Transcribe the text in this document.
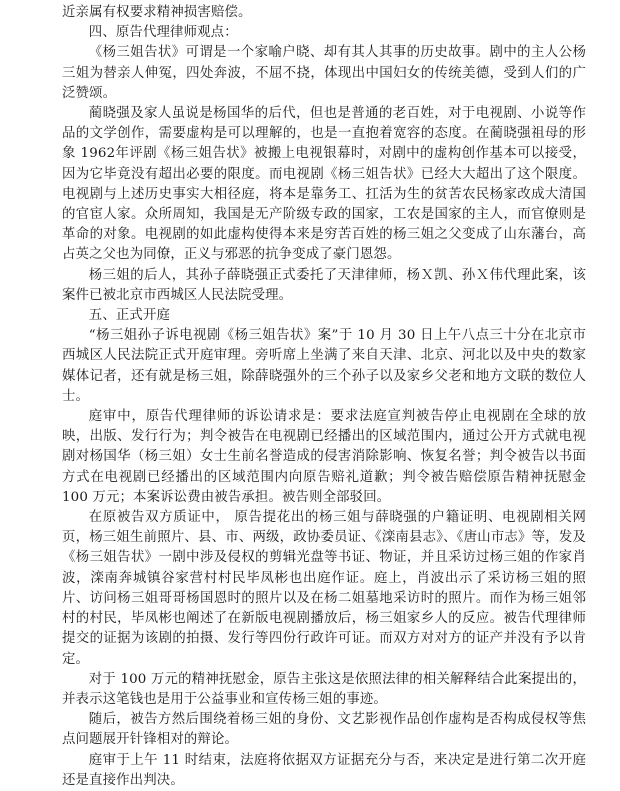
近亲属有权要求精神损害赔偿。

四、原告代理律师观点：

《杨三姐告状》可谓是一个家喻户晓、却有其人其事的历史故事。剧中的主人公杨三姐为替亲人伸冤，四处奔波，不屈不挠，体现出中国妇女的传统美德，受到人们的广泛赞颂。

蔺晓强及家人虽说是杨国华的后代，但也是普通的老百姓，对于电视剧、小说等作品的文学创作，需要虚构是可以理解的，也是一直抱着宽容的态度。在蔺晓强祖母的形象 1962年评剧《杨三姐告状》被搬上电视银幕时，对剧中的虚构创作基本可以接受，因为它毕竟没有超出必要的限度。而电视剧《杨三姐告状》已经大大超出了这个限度。电视剧与上述历史事实大相径庭，将本是靠务工、扛活为生的贫苦农民杨家改成大清国的官宦人家。众所周知，我国是无产阶级专政的国家，工农是国家的主人，而官僚则是革命的对象。电视剧的如此虚构使得本来是穷苦百姓的杨三姐之父变成了山东藩台，高占英之父也为同僚，正义与邪恶的抗争变成了豪门恩怨。

杨三姐的后人，其孙子薛晓强正式委托了天津律师，杨Ｘ凯、孙Ｘ伟代理此案，该案件已被北京市西城区人民法院受理。

五、正式开庭

“杨三姐孙子诉电视剧《杨三姐告状》案”于 10 月 30 日上午八点三十分在北京市西城区人民法院正式开庭审理。旁听席上坐满了来自天津、北京、河北以及中央的数家媒体记者，还有就是杨三姐，除薛晓强外的三个孙子以及家乡父老和地方文联的数位人士。

庭审中，原告代理律师的诉讼请求是：要求法庭宣判被告停止电视剧在全球的放映，出版、发行行为；判令被告在电视剧已经播出的区域范围内，通过公开方式就电视剧对杨国华（杨三姐）女士生前名誉造成的侵害消除影响、恢复名誉；判令被告以书面方式在电视剧已经播出的区域范围内向原告赔礼道歉；判令被告赔偿原告精神抚慰金 100 万元；本案诉讼费由被告承担。被告则全部驳回。

在原被告双方质证中， 原告提花出的杨三姐与薛晓强的户籍证明、电视剧相关网页，杨三姐生前照片、县、市、两级，政协委员证、《滦南县志》、《唐山市志》等，发及《杨三姐告状》一剧中涉及侵权的剪辑光盘等书证、物证，并且采访过杨三姐的作家肖波，滦南奔城镇谷家营村村民毕凤彬也出庭作证。庭上，肖波出示了采访杨三姐的照片、访问杨三姐哥哥杨国恩时的照片以及在杨二姐墓地采访时的照片。而作为杨三姐邻村的村民，毕凤彬也阐述了在新版电视剧播放后，杨三姐家乡人的反应。被告代理律师提交的证据为该剧的拍摄、发行等四份行政许可证。而双方对对方的证产并没有予以肯定。

对于 100 万元的精神抚慰金，原告主张这是依照法律的相关解释结合此案提出的，并表示这笔钱也是用于公益事业和宣传杨三姐的事迹。

随后，被告方然后围绕着杨三姐的身份、文艺影视作品创作虚构是否构成侵权等焦点问题展开针锋相对的辩论。

庭审于上午 11 时结束，法庭将依据双方证据充分与否，来决定是进行第二次开庭还是直接作出判决。
